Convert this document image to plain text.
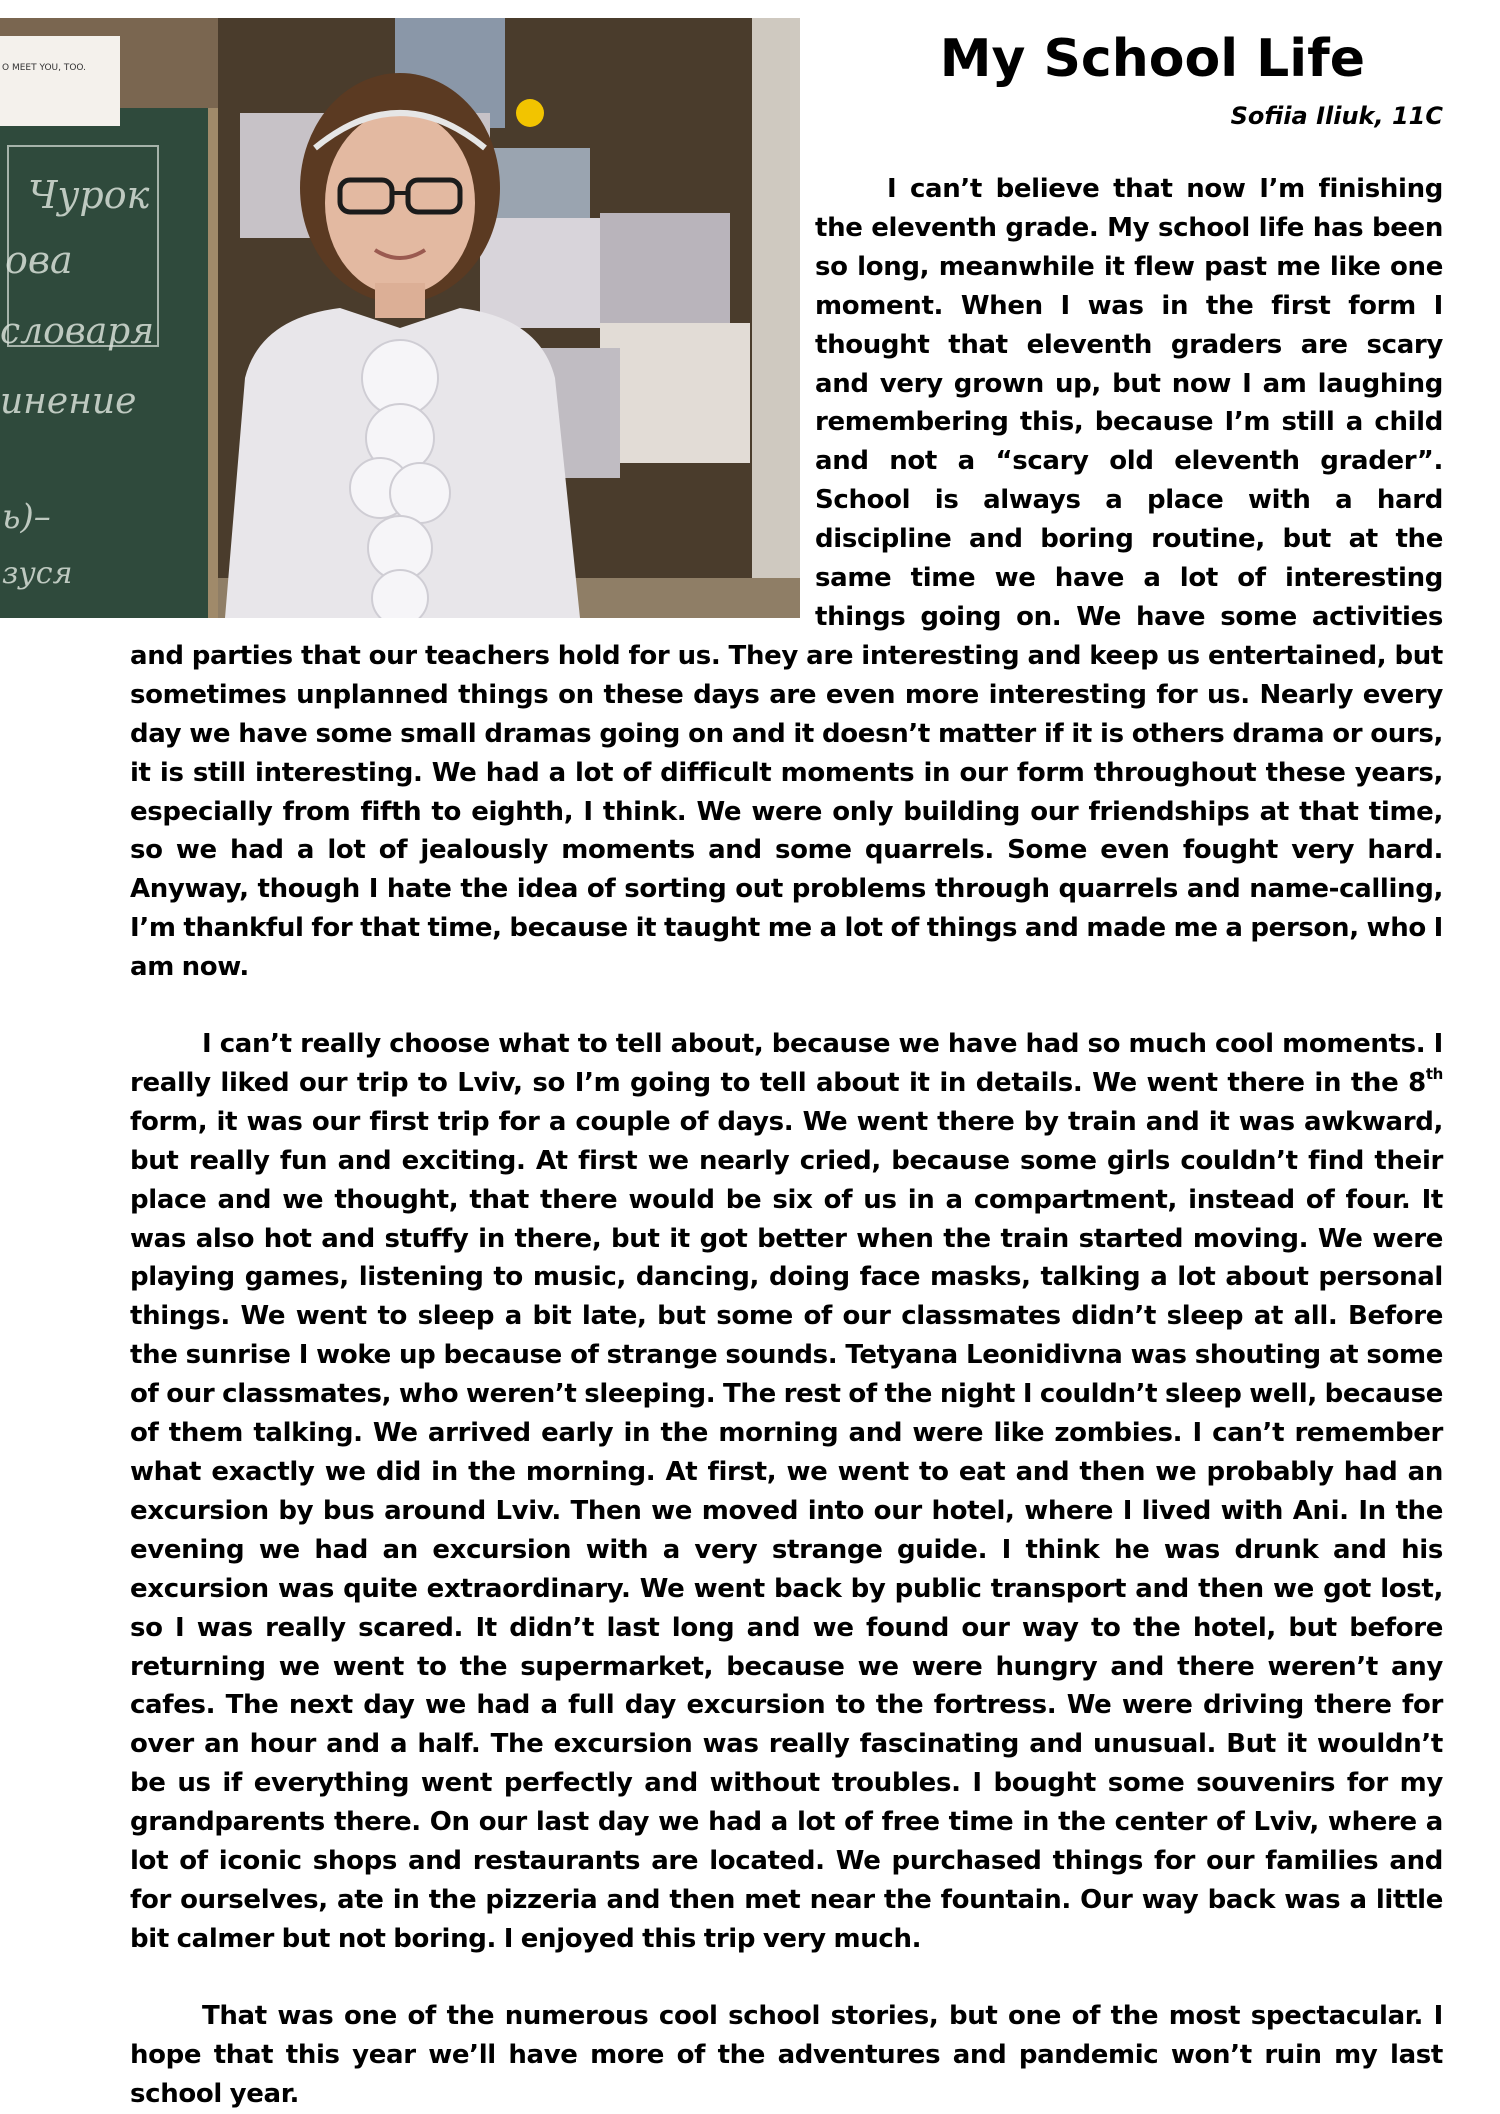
O MEET YOU, TOO.
Чурок
ова
словаря
инение
ь)–
зуся
My School Life
Sofiia Iliuk, 11C

I can’t believe that now I’m finishing the eleventh grade. My school life has been so long, meanwhile it flew past me like one moment. When I was in the first form I thought that eleventh graders are scary and very grown up, but now I am laughing remembering this, because I’m still a child and not a “scary old eleventh grader”. School is always a place with a hard discipline and boring routine, but at the same time we have a lot of interesting things going on. We have some activities and parties that our teachers hold for us. They are interesting and keep us entertained, but sometimes unplanned things on these days are even more interesting for us. Nearly every day we have some small dramas going on and it doesn’t matter if it is others drama or ours, it is still interesting. We had a lot of difficult moments in our form throughout these years, especially from fifth to eighth, I think. We were only building our friendships at that time, so we had a lot of jealously moments and some quarrels. Some even fought very hard. Anyway, though I hate the idea of sorting out problems through quarrels and name-calling, I’m thankful for that time, because it taught me a lot of things and made me a person, who I am now.

I can’t really choose what to tell about, because we have had so much cool moments. I really liked our trip to Lviv, so I’m going to tell about it in details. We went there in the 8th form, it was our first trip for a couple of days. We went there by train and it was awkward, but really fun and exciting. At first we nearly cried, because some girls couldn’t find their place and we thought, that there would be six of us in a compartment, instead of four. It was also hot and stuffy in there, but it got better when the train started moving. We were playing games, listening to music, dancing, doing face masks, talking a lot about personal things. We went to sleep a bit late, but some of our classmates didn’t sleep at all. Before the sunrise I woke up because of strange sounds. Tetyana Leonidivna was shouting at some of our classmates, who weren’t sleeping. The rest of the night I couldn’t sleep well, because of them talking. We arrived early in the morning and were like zombies. I can’t remember what exactly we did in the morning. At first, we went to eat and then we probably had an excursion by bus around Lviv. Then we moved into our hotel, where I lived with Ani. In the evening we had an excursion with a very strange guide. I think he was drunk and his excursion was quite extraordinary. We went back by public transport and then we got lost, so I was really scared. It didn’t last long and we found our way to the hotel, but before returning we went to the supermarket, because we were hungry and there weren’t any cafes. The next day we had a full day excursion to the fortress. We were driving there for over an hour and a half. The excursion was really fascinating and unusual. But it wouldn’t be us if everything went perfectly and without troubles. I bought some souvenirs for my grandparents there. On our last day we had a lot of free time in the center of Lviv, where a lot of iconic shops and restaurants are located. We purchased things for our families and for ourselves, ate in the pizzeria and then met near the fountain. Our way back was a little bit calmer but not boring. I enjoyed this trip very much.

That was one of the numerous cool school stories, but one of the most spectacular. I hope that this year we’ll have more of the adventures and pandemic won’t ruin my last school year.
